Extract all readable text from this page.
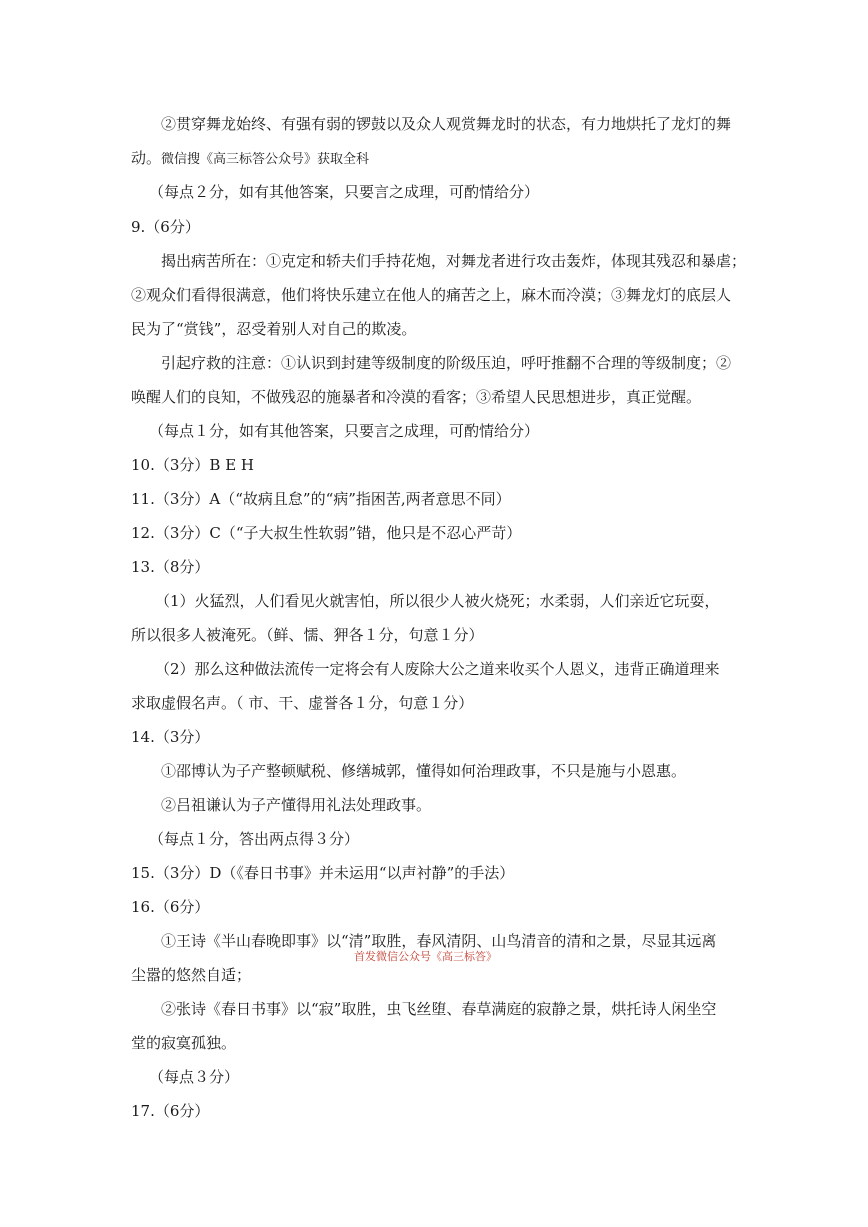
②贯穿舞龙始终、有强有弱的锣鼓以及众人观赏舞龙时的状态，有力地烘托了龙灯的舞
动。微信搜《高三标答公众号》获取全科
（每点２分，如有其他答案，只要言之成理，可酌情给分）
9.（6分）
揭出病苦所在：①克定和轿夫们手持花炮，对舞龙者进行攻击轰炸，体现其残忍和暴虐；
②观众们看得很满意，他们将快乐建立在他人的痛苦之上，麻木而冷漠；③舞龙灯的底层人
民为了“赏钱”，忍受着别人对自己的欺凌。
引起疗救的注意：①认识到封建等级制度的阶级压迫，呼吁推翻不合理的等级制度；②
唤醒人们的良知，不做残忍的施暴者和冷漠的看客；③希望人民思想进步，真正觉醒。
（每点１分，如有其他答案，只要言之成理，可酌情给分）
10.（3分）B E H
11.（3分）A（“故病且怠”的“病”指困苦,两者意思不同）
12.（3分）C（“子大叔生性软弱”错，他只是不忍心严苛）
13.（8分）
（1）火猛烈，人们看见火就害怕，所以很少人被火烧死；水柔弱，人们亲近它玩耍，
所以很多人被淹死。（鲜、懦、狎各１分，句意１分）
（2）那么这种做法流传一定将会有人废除大公之道来收买个人恩义，违背正确道理来
求取虚假名声。（ 市、干、虚誉各１分，句意１分）
14.（3分）
①邵博认为子产整顿赋税、修缮城郭，懂得如何治理政事，不只是施与小恩惠。
②吕祖谦认为子产懂得用礼法处理政事。
（每点１分，答出两点得３分）
15.（3分）D（《春日书事》并未运用“以声衬静”的手法）
16.（6分）
①王诗《半山春晚即事》以“清”取胜，春风清阴、山鸟清音的清和之景，尽显其远离
首发微信公众号《高三标答》
尘嚣的悠然自适；
②张诗《春日书事》以“寂”取胜，虫飞丝堕、春草满庭的寂静之景，烘托诗人闲坐空
堂的寂寞孤独。
（每点３分）
17.（6分）
